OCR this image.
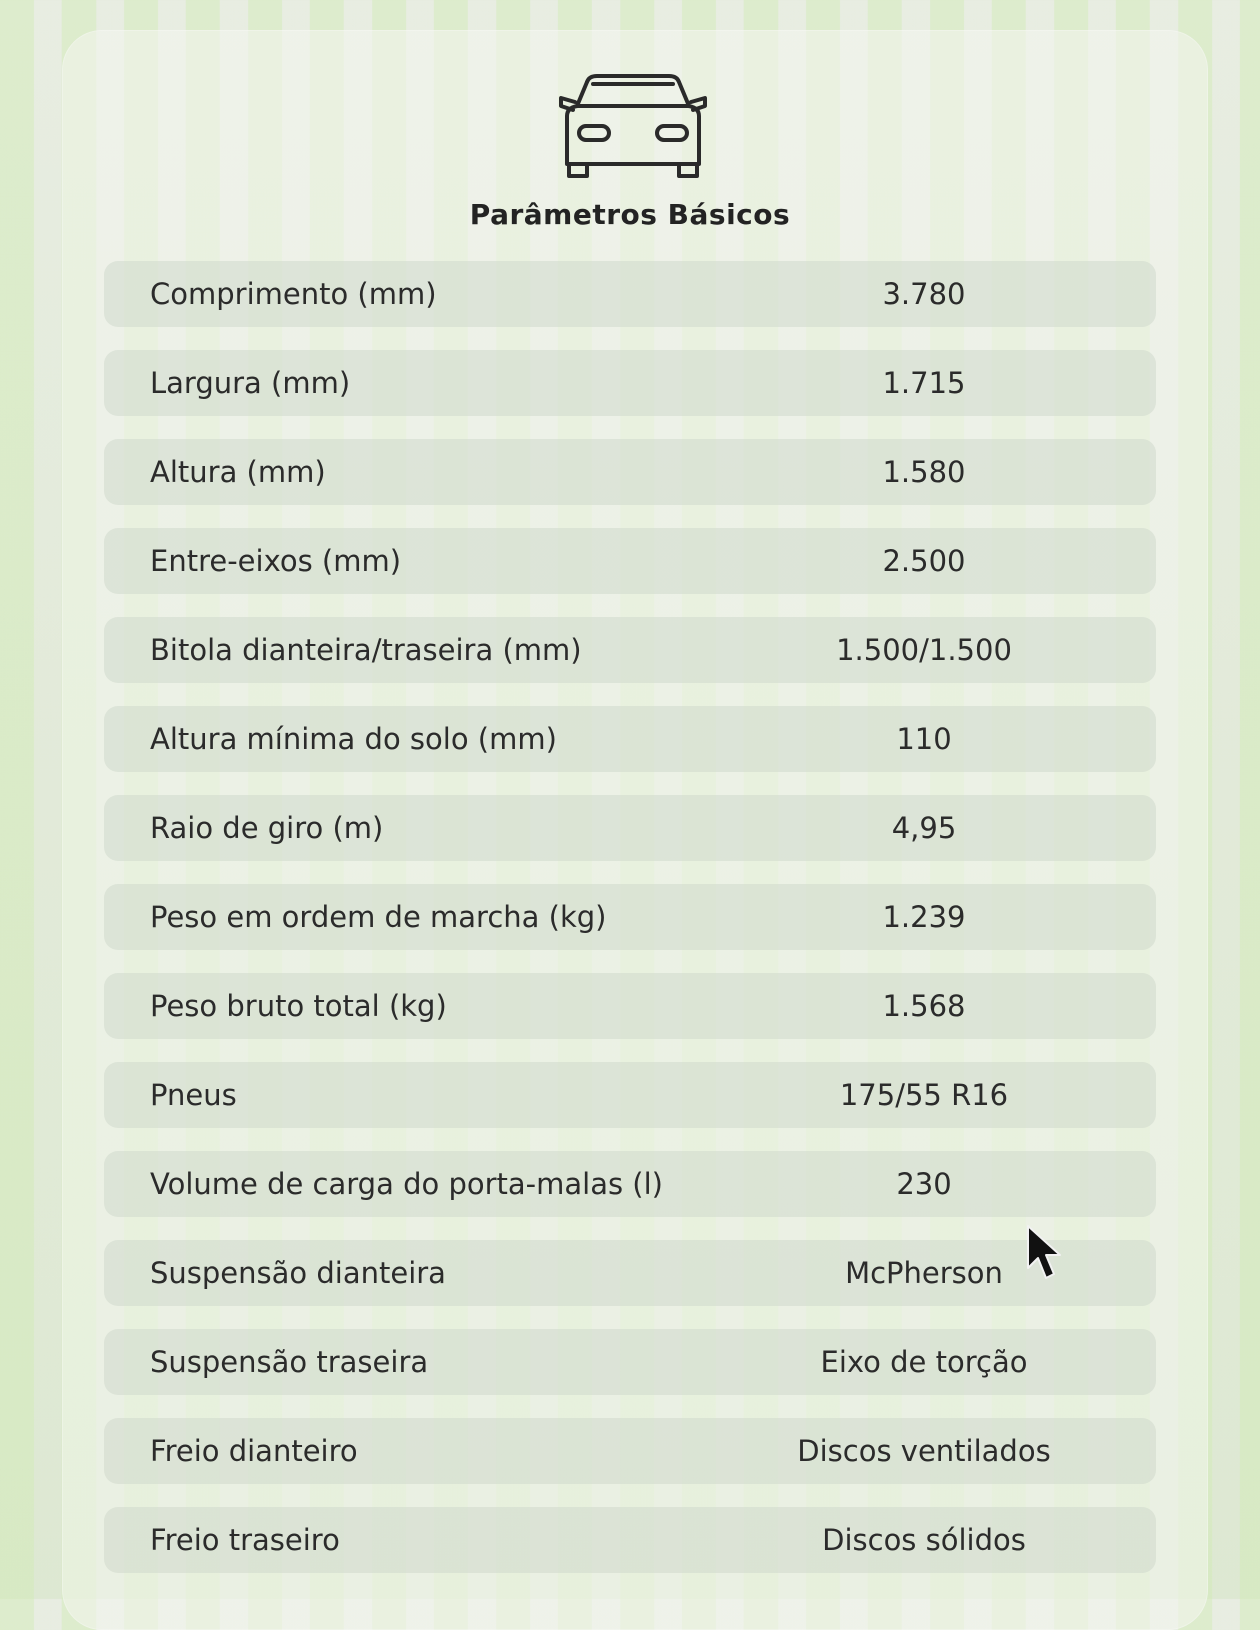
Parâmetros Básicos
Comprimento (mm)	3.780
Largura (mm)	1.715
Altura (mm)	1.580
Entre-eixos (mm)	2.500
Bitola dianteira/traseira (mm)	1.500/1.500
Altura mínima do solo (mm)	110
Raio de giro (m)	4,95
Peso em ordem de marcha (kg)	1.239
Peso bruto total (kg)	1.568
Pneus	175/55 R16
Volume de carga do porta-malas (l)	230
Suspensão dianteira	McPherson
Suspensão traseira	Eixo de torção
Freio dianteiro	Discos ventilados
Freio traseiro	Discos sólidos
